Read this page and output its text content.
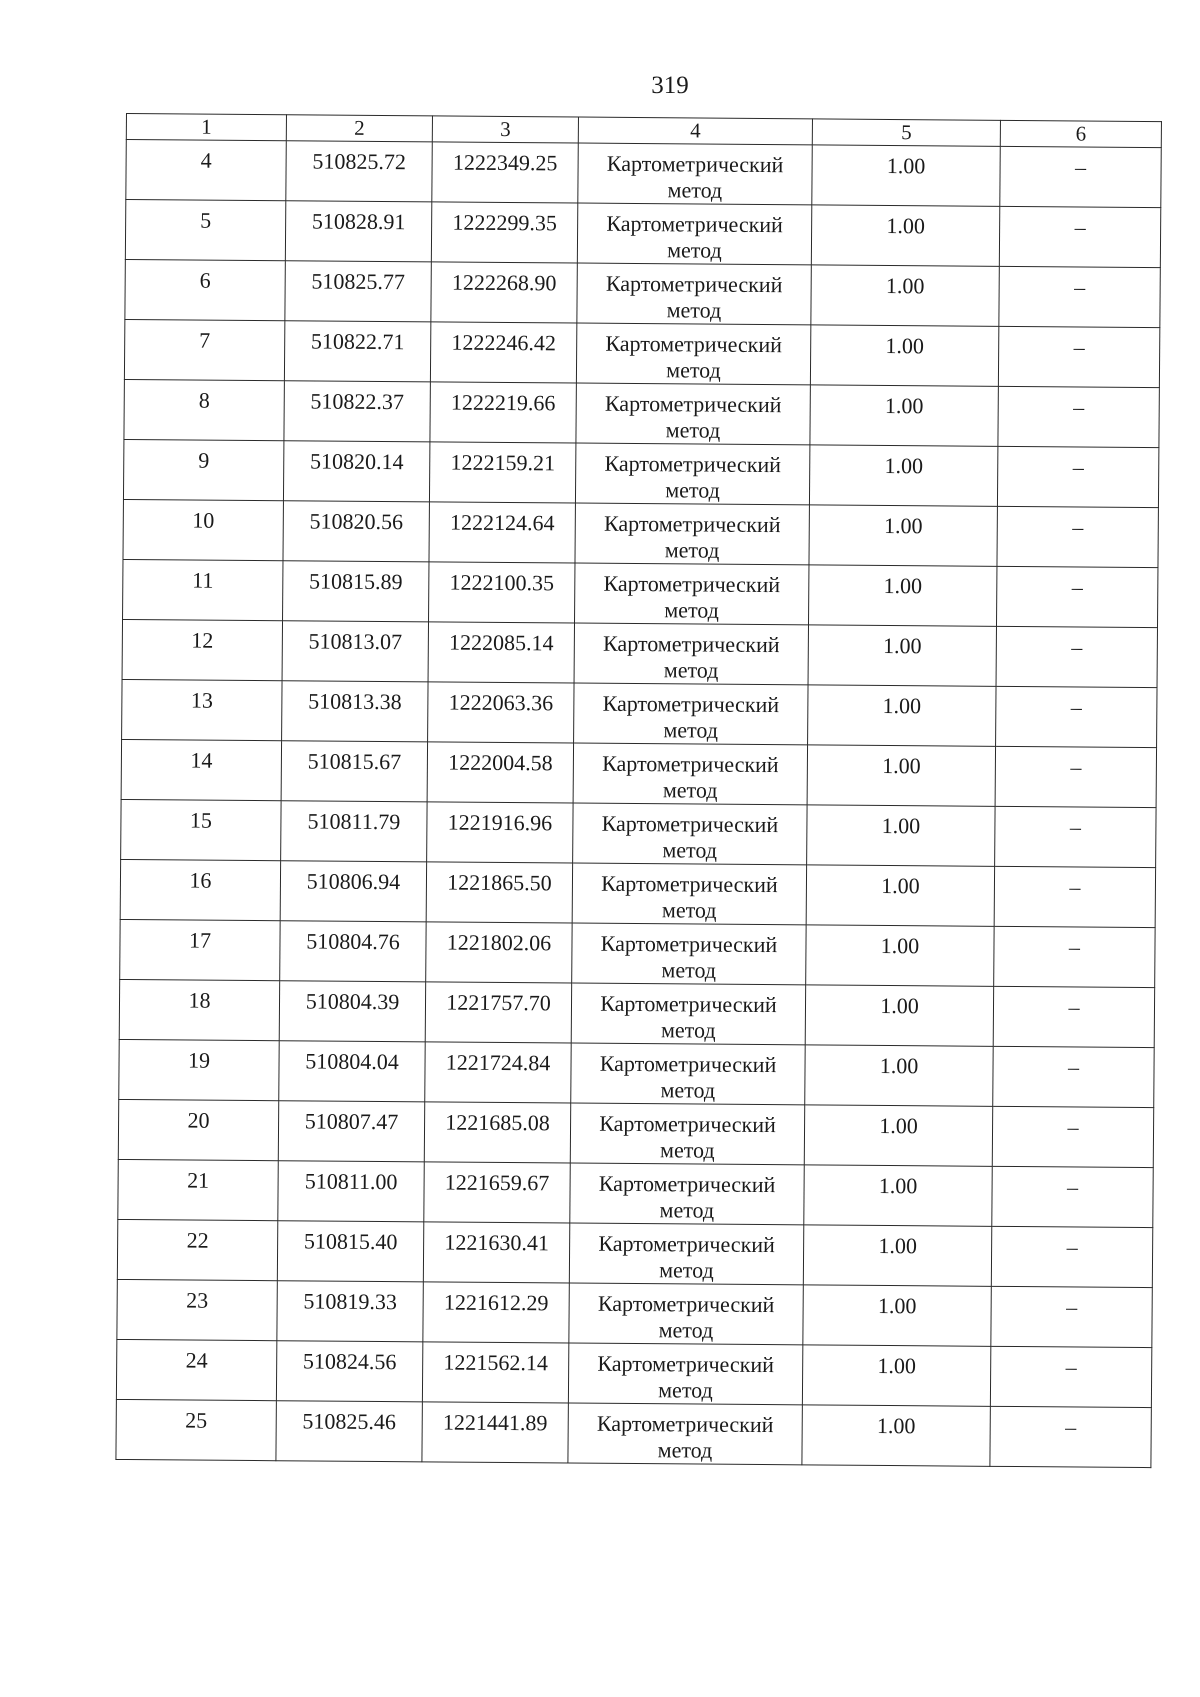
319
1	2	3	4	5	6
4	510825.72	1222349.25	Картометрический метод	1.00	–
5	510828.91	1222299.35	Картометрический метод	1.00	–
6	510825.77	1222268.90	Картометрический метод	1.00	–
7	510822.71	1222246.42	Картометрический метод	1.00	–
8	510822.37	1222219.66	Картометрический метод	1.00	–
9	510820.14	1222159.21	Картометрический метод	1.00	–
10	510820.56	1222124.64	Картометрический метод	1.00	–
11	510815.89	1222100.35	Картометрический метод	1.00	–
12	510813.07	1222085.14	Картометрический метод	1.00	–
13	510813.38	1222063.36	Картометрический метод	1.00	–
14	510815.67	1222004.58	Картометрический метод	1.00	–
15	510811.79	1221916.96	Картометрический метод	1.00	–
16	510806.94	1221865.50	Картометрический метод	1.00	–
17	510804.76	1221802.06	Картометрический метод	1.00	–
18	510804.39	1221757.70	Картометрический метод	1.00	–
19	510804.04	1221724.84	Картометрический метод	1.00	–
20	510807.47	1221685.08	Картометрический метод	1.00	–
21	510811.00	1221659.67	Картометрический метод	1.00	–
22	510815.40	1221630.41	Картометрический метод	1.00	–
23	510819.33	1221612.29	Картометрический метод	1.00	–
24	510824.56	1221562.14	Картометрический метод	1.00	–
25	510825.46	1221441.89	Картометрический метод	1.00	–
